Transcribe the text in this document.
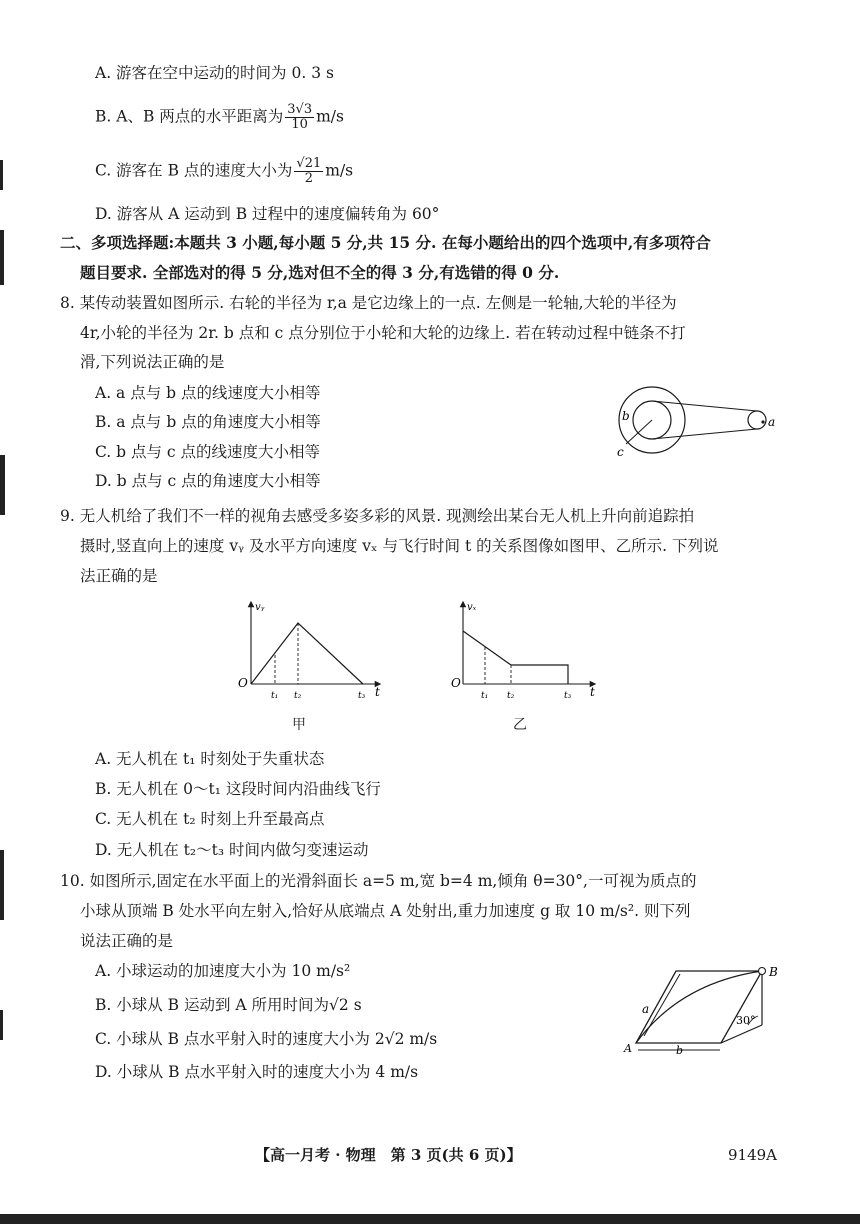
A. 游客在空中运动的时间为 0. 3 s
B. A、B 两点的水平距离为 $\frac{3√3}{10} m/s$
C. 游客在 B 点的速度大小为 $\frac{√21}{2} m/s$
D. 游客从 A 运动到 B 过程中的速度偏转角为 60°
二、多项选择题:本题共 3 小题,每小题 5 分,共 15 分. 在每小题给出的四个选项中,有多项符合
题目要求. 全部选对的得 5 分,选对但不全的得 3 分,有选错的得 0 分.
8. 某传动装置如图所示. 右轮的半径为 r,a 是它边缘上的一点. 左侧是一轮轴,大轮的半径为
4r,小轮的半径为 2r. b 点和 c 点分别位于小轮和大轮的边缘上. 若在转动过程中链条不打
滑,下列说法正确的是
A. a 点与 b 点的线速度大小相等
B. a 点与 b 点的角速度大小相等
C. b 点与 c 点的线速度大小相等
D. b 点与 c 点的角速度大小相等
a
b
c
9. 无人机给了我们不一样的视角去感受多姿多彩的风景. 现测绘出某台无人机上升向前追踪拍
摄时,竖直向上的速度 vᵧ 及水平方向速度 vₓ 与飞行时间 t 的关系图像如图甲、乙所示. 下列说
法正确的是
vᵧ
O
t₁ t₂	t₃ t
甲
vₓ
O
t₁ t₂	t₃ t
乙
A. 无人机在 t₁ 时刻处于失重状态
B. 无人机在 0～t₁ 这段时间内沿曲线飞行
C. 无人机在 t₂ 时刻上升至最高点
D. 无人机在 t₂～t₃ 时间内做匀变速运动
10. 如图所示,固定在水平面上的光滑斜面长 a=5 m,宽 b=4 m,倾角 θ=30°,一可视为质点的
小球从顶端 B 处水平向左射入,恰好从底端点 A 处射出,重力加速度 g 取 10 m/s². 则下列
说法正确的是
A. 小球运动的加速度大小为 10 m/s²
B. 小球从 B 运动到 A 所用时间为√2 s
C. 小球从 B 点水平射入时的速度大小为 2√2 m/s
D. 小球从 B 点水平射入时的速度大小为 4 m/s
a
b
A
B
30°
【高一月考 · 物理　第 3 页(共 6 页)】	9149A
